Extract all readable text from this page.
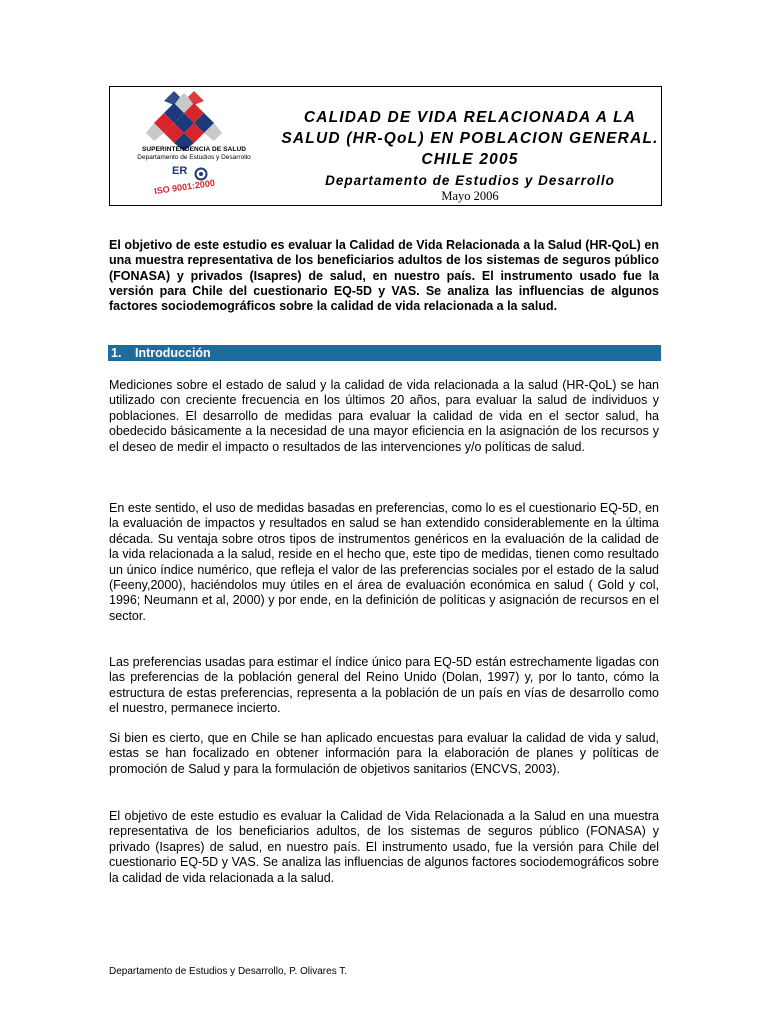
SUPERINTENDENCIA DE SALUD
Departamento de Estudios y Desarrollo
ER
ISO 9001:2000
CALIDAD DE VIDA RELACIONADA A LA
SALUD (HR-QoL) EN POBLACION GENERAL.
CHILE 2005
Departamento de Estudios y Desarrollo
Mayo 2006
El objetivo de este estudio es evaluar la Calidad de Vida Relacionada a la Salud (HR-QoL) en una muestra representativa de los beneficiarios adultos de los sistemas de seguros público (FONASA) y privados (Isapres) de salud, en nuestro país. El instrumento usado fue la versión para Chile del cuestionario EQ-5D y VAS. Se analiza las influencias de algunos factores sociodemográficos sobre la calidad de vida relacionada a la salud.
1. Introducción
Mediciones sobre el estado de salud y la calidad de vida relacionada a la salud (HR-QoL) se han utilizado con creciente frecuencia en los últimos 20 años, para evaluar la salud de individuos y poblaciones. El desarrollo de medidas para evaluar la calidad de vida en el sector salud, ha obedecido básicamente a la necesidad de una mayor eficiencia en la asignación de los recursos y el deseo de medir el impacto o resultados de las intervenciones y/o políticas de salud.
En este sentido, el uso de medidas basadas en preferencias, como lo es el cuestionario EQ-5D, en la evaluación de impactos y resultados en salud se han extendido considerablemente en la última década. Su ventaja sobre otros tipos de instrumentos genéricos en la evaluación de la calidad de la vida relacionada a la salud, reside en el hecho que, este tipo de medidas, tienen como resultado un único índice numérico, que refleja el valor de las preferencias sociales por el estado de la salud (Feeny,2000), haciéndolos muy útiles en el área de evaluación económica en salud ( Gold y col, 1996; Neumann et al, 2000) y por ende, en la definición de políticas y asignación de recursos en el sector.
Las preferencias usadas para estimar el índice único para EQ-5D están estrechamente ligadas con las preferencias de la población general del Reino Unido (Dolan, 1997) y, por lo tanto, cómo la estructura de estas preferencias, representa a la población de un país en vías de desarrollo como el nuestro, permanece incierto.
Si bien es cierto, que en Chile se han aplicado encuestas para evaluar la calidad de vida y salud, estas se han focalizado en obtener información para la elaboración de planes y políticas de promoción de Salud y para la formulación de objetivos sanitarios (ENCVS, 2003).
El objetivo de este estudio es evaluar la Calidad de Vida Relacionada a la Salud en una muestra representativa de los beneficiarios adultos, de los sistemas de seguros público (FONASA) y privado (Isapres) de salud, en nuestro país. El instrumento usado, fue la versión para Chile del cuestionario EQ-5D y VAS. Se analiza las influencias de algunos factores sociodemográficos sobre la calidad de vida relacionada a la salud.
Departamento de Estudios y Desarrollo, P. Olivares T.
